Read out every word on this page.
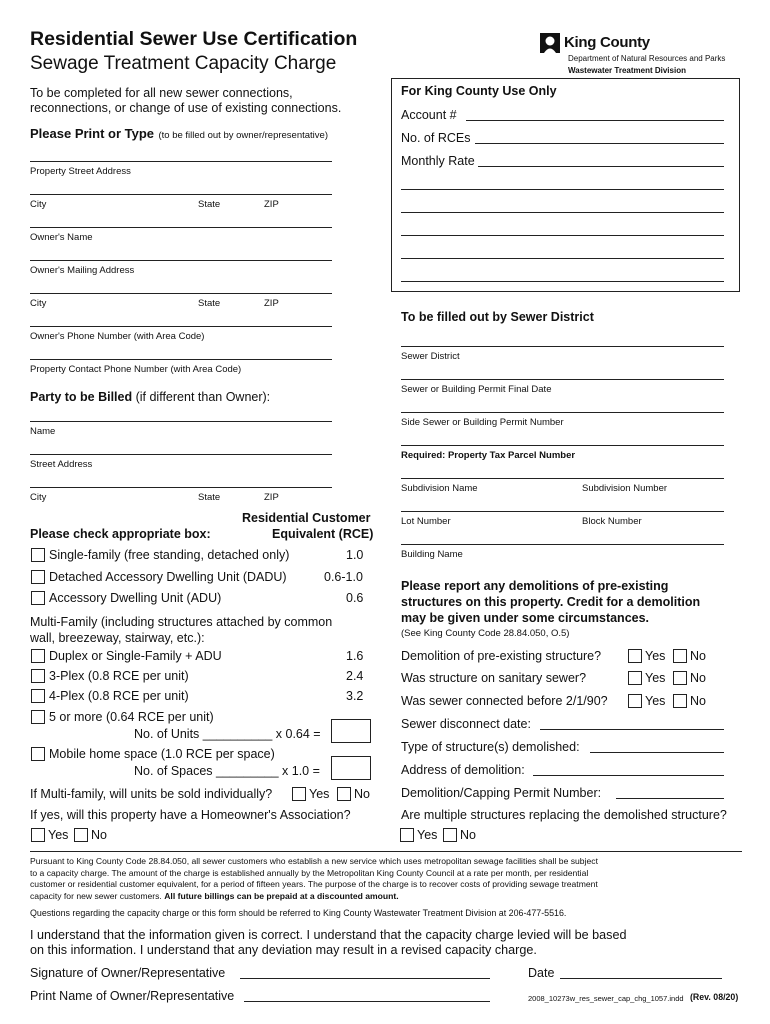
Residential Sewer Use Certification
Sewage Treatment Capacity Charge
King County
Department of Natural Resources and Parks
Wastewater Treatment Division
To be completed for all new sewer connections,
reconnections, or change of use of existing connections.
Please Print or Type (to be filled out by owner/representative)
Property Street Address
City	State	ZIP
Owner's Name
Owner's Mailing Address
City	State	ZIP
Owner's Phone Number (with Area Code)
Property Contact Phone Number (with Area Code)
Party to be Billed (if different than Owner):
Name
Street Address
City	State	ZIP
Residential Customer
Equivalent (RCE)
Please check appropriate box:
Single-family (free standing, detached only)	1.0
Detached Accessory Dwelling Unit (DADU)	0.6-1.0
Accessory Dwelling Unit (ADU)	0.6
Multi-Family (including structures attached by common
wall, breezeway, stairway, etc.):
Duplex or Single-Family + ADU	1.6
3-Plex (0.8 RCE per unit)	2.4
4-Plex (0.8 RCE per unit)	3.2
5 or more (0.64 RCE per unit)
No. of Units __________ x 0.64 =
Mobile home space (1.0 RCE per space)
No. of Spaces _________ x 1.0 =
If Multi-family, will units be sold individually?	Yes No
If yes, will this property have a Homeowner's Association?
Yes No
For King County Use Only
Account #
No. of RCEs
Monthly Rate
To be filled out by Sewer District
Sewer District
Sewer or Building Permit Final Date
Side Sewer or Building Permit Number
Required: Property Tax Parcel Number
Subdivision Name	Subdivision Number
Lot Number	Block Number
Building Name
Please report any demolitions of pre-existing
structures on this property. Credit for a demolition
may be given under some circumstances.
(See King County Code 28.84.050, O.5)
Demolition of pre-existing structure?	Yes No
Was structure on sanitary sewer?	Yes No
Was sewer connected before 2/1/90?	Yes No
Sewer disconnect date:
Type of structure(s) demolished:
Address of demolition:
Demolition/Capping Permit Number:
Are multiple structures replacing the demolished structure?
Yes No
Pursuant to King County Code 28.84.050, all sewer customers who establish a new service which uses metropolitan sewage facilities shall be subject
to a capacity charge. The amount of the charge is established annually by the Metropolitan King County Council at a rate per month, per residential
customer or residential customer equivalent, for a period of fifteen years. The purpose of the charge is to recover costs of providing sewage treatment
capacity for new sewer customers. All future billings can be prepaid at a discounted amount.
Questions regarding the capacity charge or this form should be referred to King County Wastewater Treatment Division at 206-477-5516.
I understand that the information given is correct. I understand that the capacity charge levied will be based
on this information. I understand that any deviation may result in a revised capacity charge.
Signature of Owner/Representative	Date
Print Name of Owner/Representative	2008_10273w_res_sewer_cap_chg_1057.indd (Rev. 08/20)
